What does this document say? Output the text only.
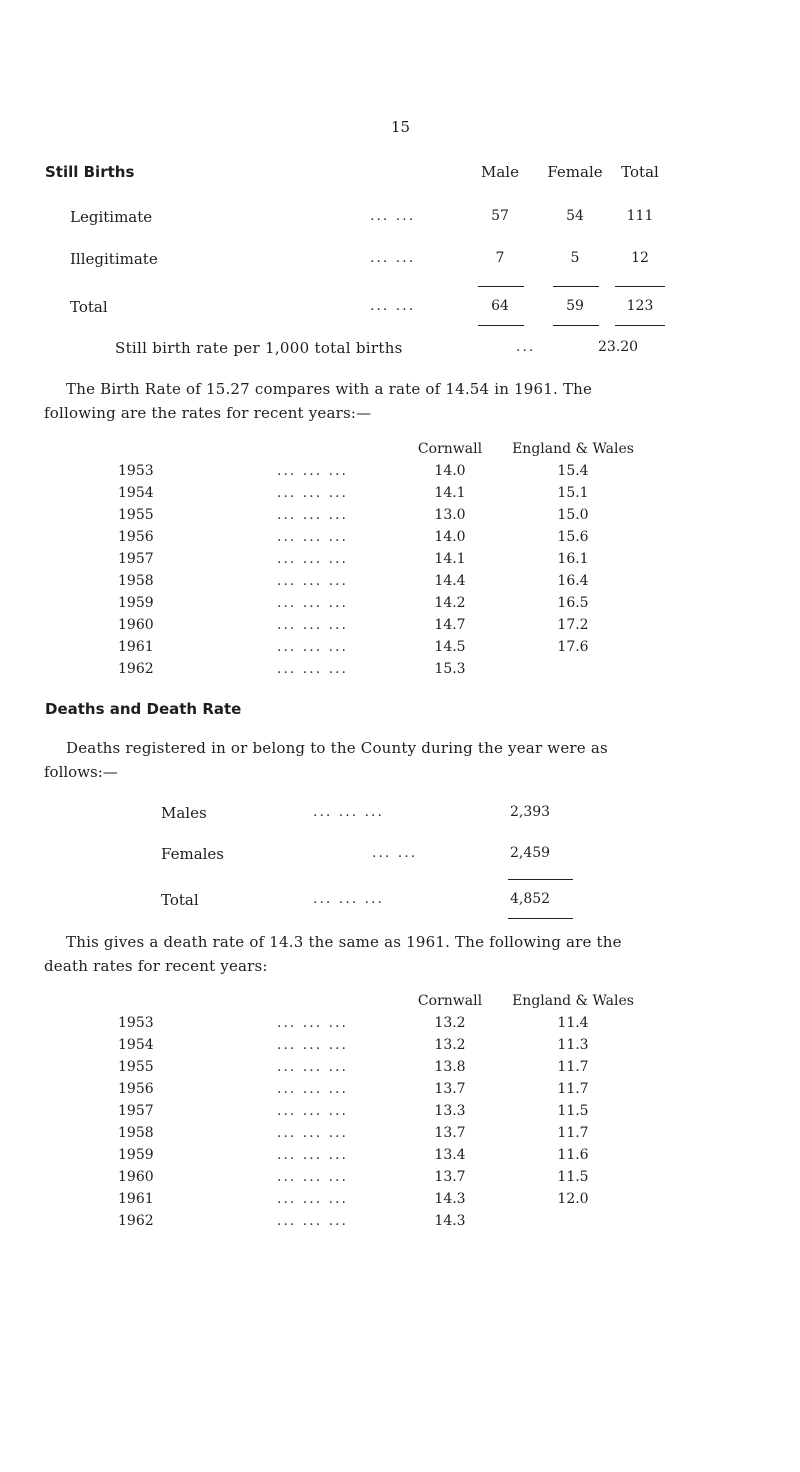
15
Still Births	Male	Female	Total
Legitimate	... ...	57	54	111
Illegitimate	... ...	7	5	12
Total	... ...	64	59	123
Still birth rate per 1,000 total births	...	23.20
The Birth Rate of 15.27 compares with a rate of 14.54 in 1961. The
following are the rates for recent years:—
Cornwall	England & Wales
1953	... ... ...	14.0	15.4
1954	... ... ...	14.1	15.1
1955	... ... ...	13.0	15.0
1956	... ... ...	14.0	15.6
1957	... ... ...	14.1	16.1
1958	... ... ...	14.4	16.4
1959	... ... ...	14.2	16.5
1960	... ... ...	14.7	17.2
1961	... ... ...	14.5	17.6
1962	... ... ...	15.3
Deaths and Death Rate
Deaths registered in or belong to the County during the year were as
follows:—
Males	... ... ...	2,393
Females	... ...	2,459
Total	... ... ...	4,852
This gives a death rate of 14.3 the same as 1961. The following are the
death rates for recent years:
Cornwall	England & Wales
1953	... ... ...	13.2	11.4
1954	... ... ...	13.2	11.3
1955	... ... ...	13.8	11.7
1956	... ... ...	13.7	11.7
1957	... ... ...	13.3	11.5
1958	... ... ...	13.7	11.7
1959	... ... ...	13.4	11.6
1960	... ... ...	13.7	11.5
1961	... ... ...	14.3	12.0
1962	... ... ...	14.3
